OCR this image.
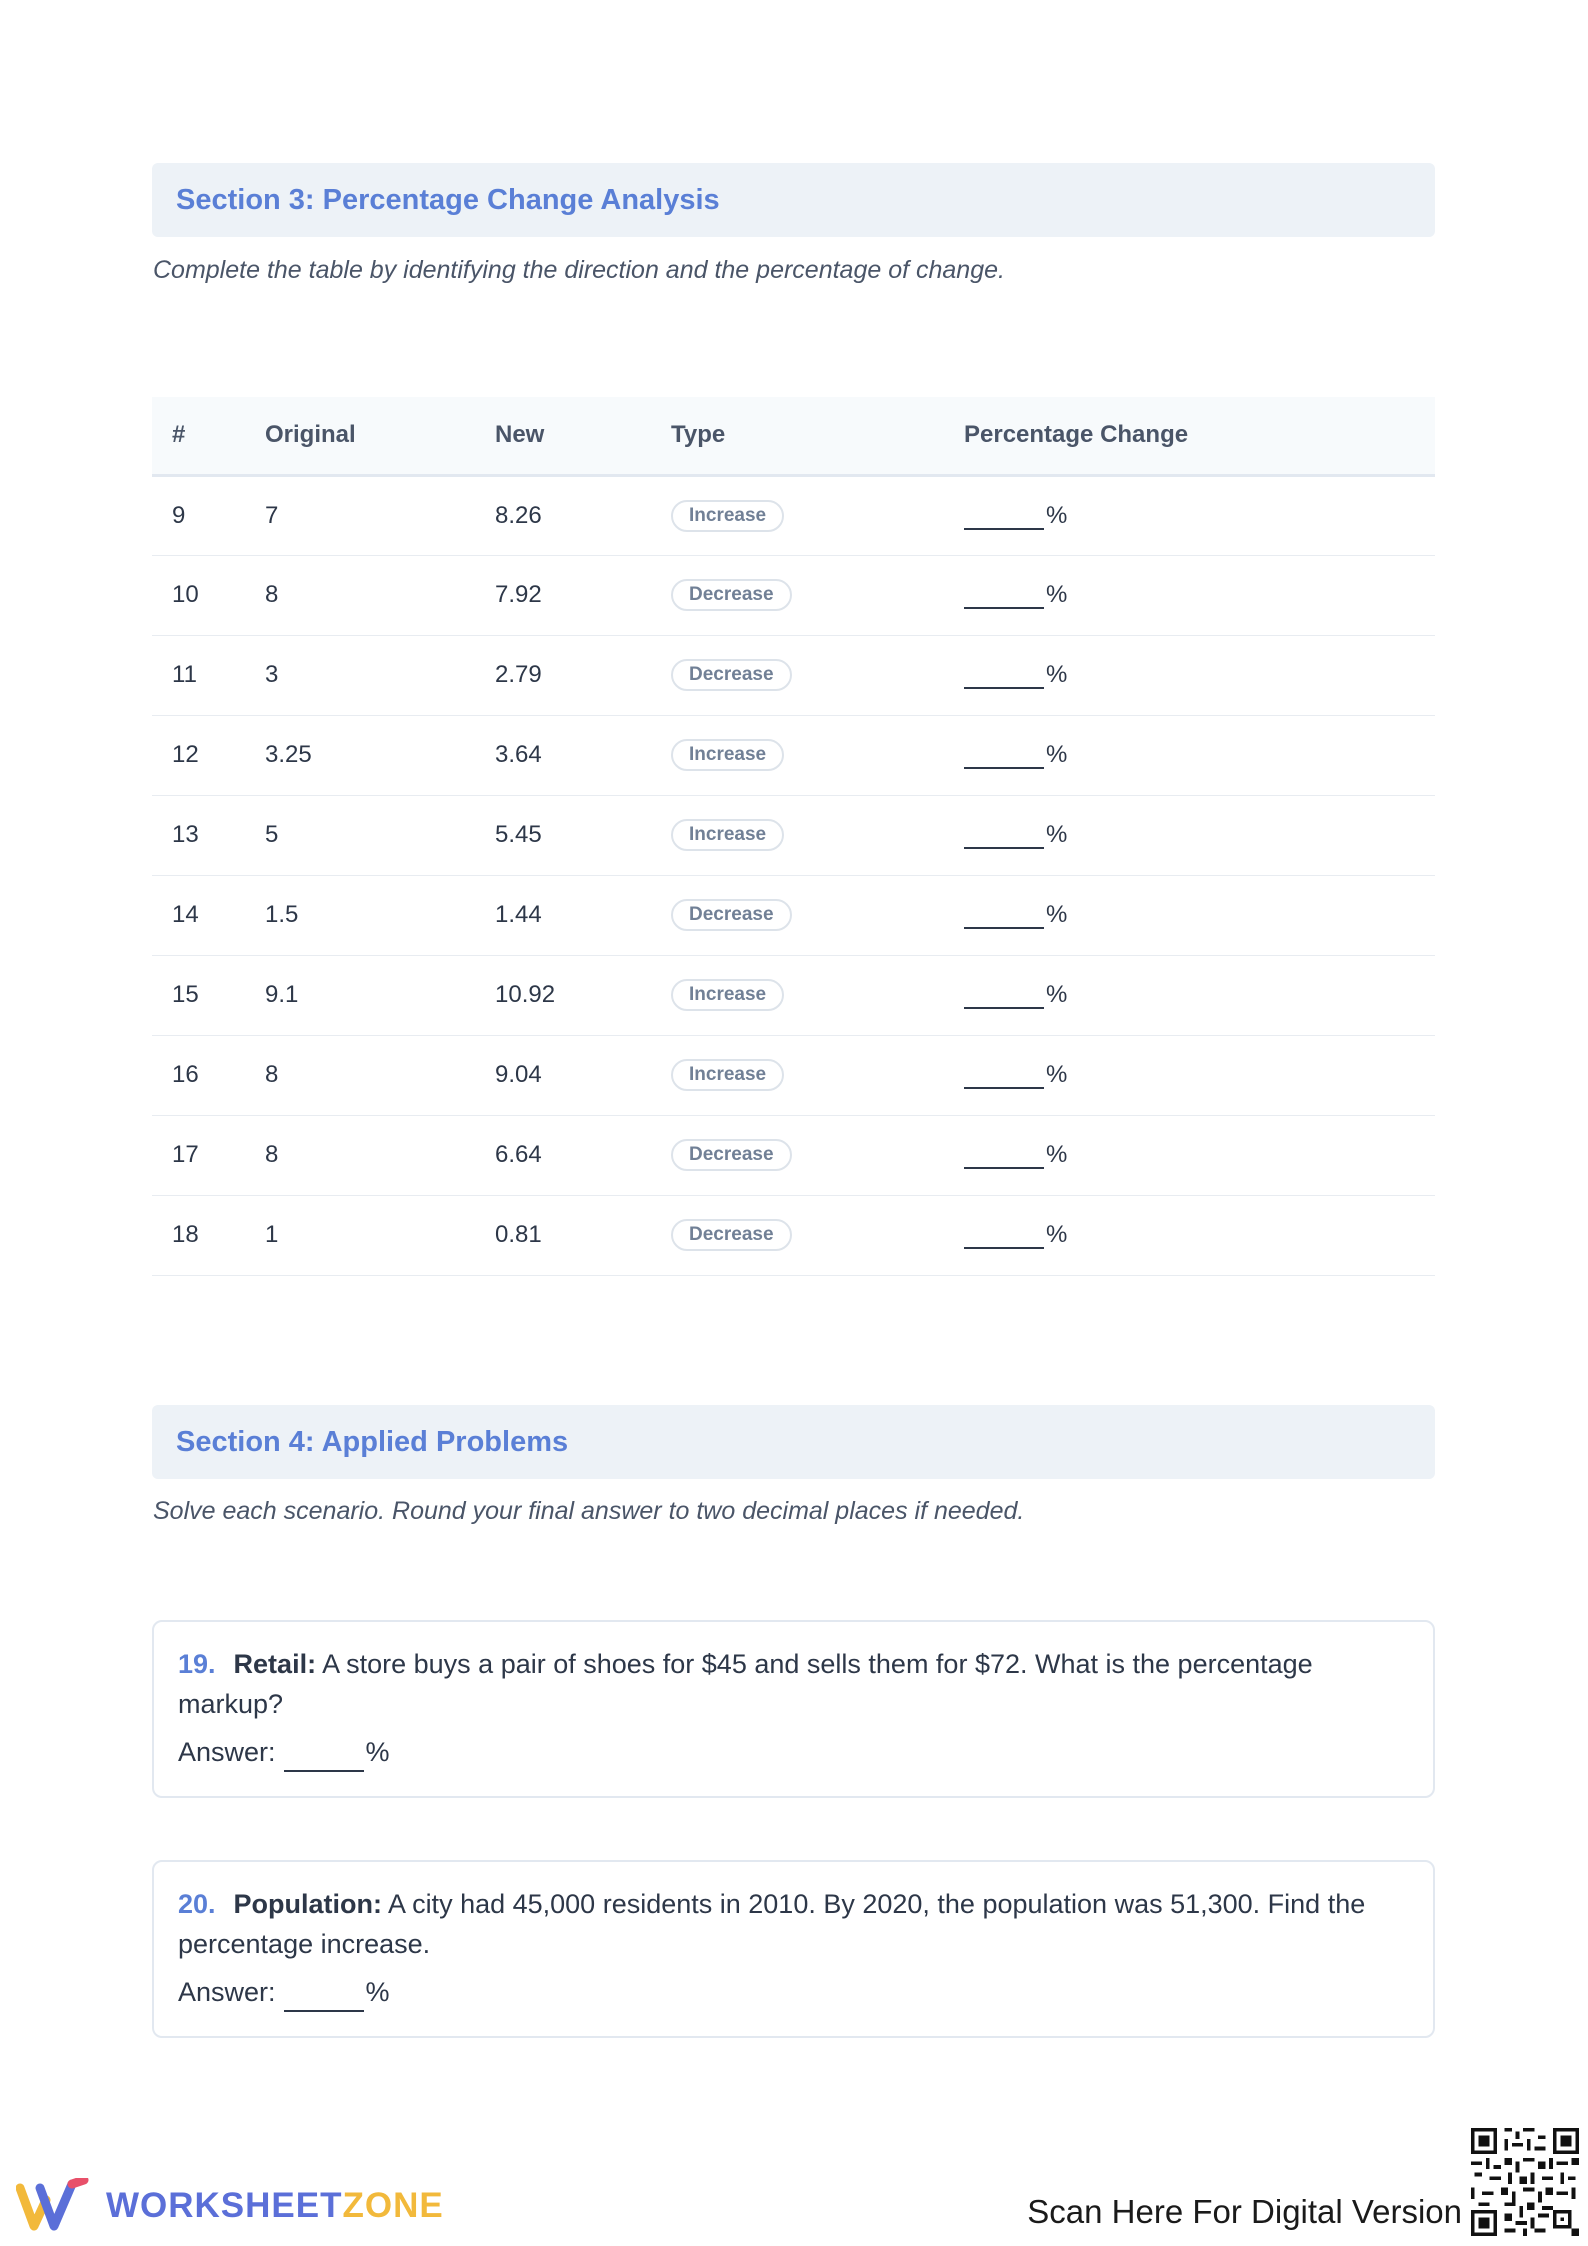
Section 3: Percentage Change Analysis
Complete the table by identifying the direction and the percentage of change.
#	Original	New	Type	Percentage Change
9	7	8.26	Increase	%
10	8	7.92	Decrease	%
11	3	2.79	Decrease	%
12	3.25	3.64	Increase	%
13	5	5.45	Increase	%
14	1.5	1.44	Decrease	%
15	9.1	10.92	Increase	%
16	8	9.04	Increase	%
17	8	6.64	Decrease	%
18	1	0.81	Decrease	%
Section 4: Applied Problems
Solve each scenario. Round your final answer to two decimal places if needed.
19. Retail: A store buys a pair of shoes for $45 and sells them for $72. What is the percentage markup?
Answer:	%
20. Population: A city had 45,000 residents in 2010. By 2020, the population was 51,300. Find the percentage increase.
Answer:	%
WORKSHEETZONE	Scan Here For Digital Version
